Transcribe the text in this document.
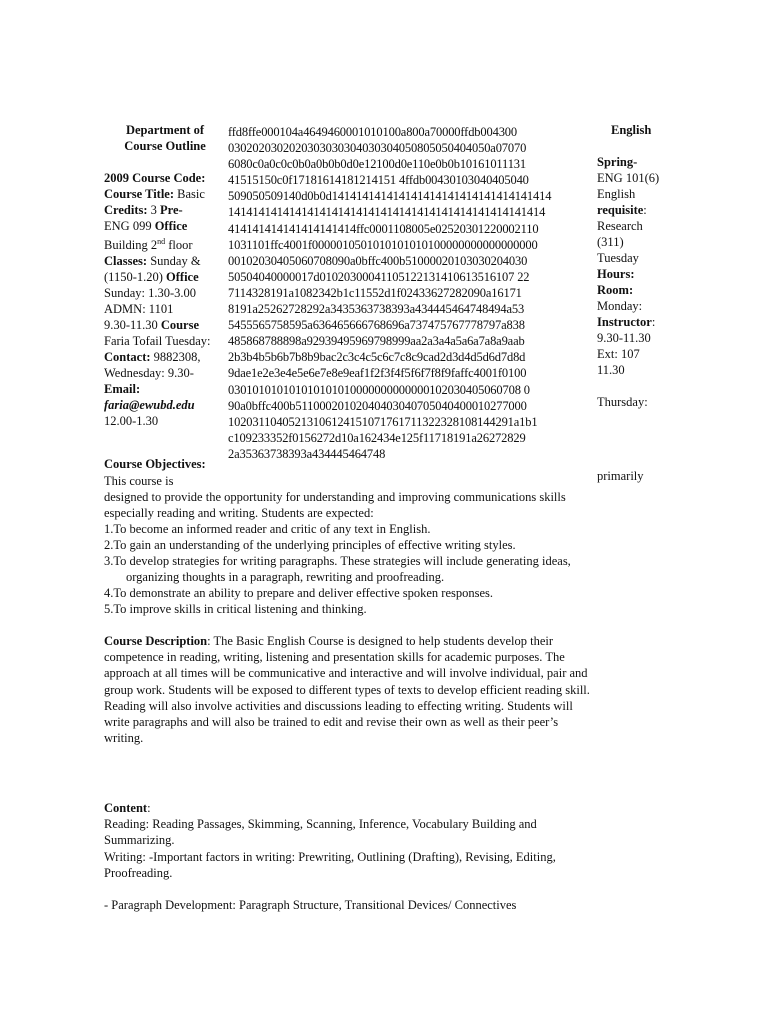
Department of
Course Outline
2009 Course Code:
Course Title: Basic
Credits: 3 Pre-
ENG 099 Office
Building 2nd floor
Classes: Sunday &
(1150-1.20) Office
Sunday: 1.30-3.00
ADMN: 1101
9.30-11.30 Course
Faria Tofail Tuesday:
Contact: 9882308,
Wednesday: 9.30-
Email:
faria@ewubd.edu
12.00-1.30
ffd8ffe000104a4649460001010100a800a70000ffdb004300
0302020302020303030304030304050805050404050a07070
6080c0a0c0c0b0a0b0b0d0e12100d0e110e0b0b10161011131
41515150c0f17181614181214151 4ffdb00430103040405040
509050509140d0b0d141414141414141414141414141414141414
1414141414141414141414141414141414141414141414141414
414141414141414141414ffc0001108005e02520301220002110
1031101ffc4001f0000010501010101010100000000000000000
00102030405060708090a0bffc400b51000020103030204030
50504040000017d01020300041105122131410613516107 22
7114328191a1082342b1c11552d1f02433627282090a16171
8191a25262728292a3435363738393a434445464748494a53
5455565758595a636465666768696a737475767778797a838
485868788898a92939495969798999aa2a3a4a5a6a7a8a9aab
2b3b4b5b6b7b8b9bac2c3c4c5c6c7c8c9cad2d3d4d5d6d7d8d
9dae1e2e3e4e5e6e7e8e9eaf1f2f3f4f5f6f7f8f9faffc4001f0100
030101010101010101010000000000000102030405060708 0
90a0bffc400b51100020102040403040705040400010277000
10203110405213106124151071761711322328108144291a1b1
c109233352f0156272d10a162434e125f11718191a26272829
2a35363738393a434445464748
English
Spring-
ENG 101(6)
English
requisite:
Research
(311)
Tuesday
Hours:
Room:
Monday:
Instructor:
9.30-11.30
Ext: 107
11.30
Thursday:
primarily
Course Objectives:
This course is
designed to provide the opportunity for understanding and improving communications skills
especially reading and writing. Students are expected:
1.To become an informed reader and critic of any text in English.
2.To gain an understanding of the underlying principles of effective writing styles.
3.To develop strategies for writing paragraphs. These strategies will include generating ideas,
organizing thoughts in a paragraph, rewriting and proofreading.
4.To demonstrate an ability to prepare and deliver effective spoken responses.
5.To improve skills in critical listening and thinking.
Course Description: The Basic English Course is designed to help students develop their
competence in reading, writing, listening and presentation skills for academic purposes. The
approach at all times will be communicative and interactive and will involve individual, pair and
group work. Students will be exposed to different types of texts to develop efficient reading skill.
Reading will also involve activities and discussions leading to effecting writing. Students will
write paragraphs and will also be trained to edit and revise their own as well as their peer’s
writing.
Content:
Reading: Reading Passages, Skimming, Scanning, Inference, Vocabulary Building and
Summarizing.
Writing: -Important factors in writing: Prewriting, Outlining (Drafting), Revising, Editing,
Proofreading.
- Paragraph Development: Paragraph Structure, Transitional Devices/ Connectives
